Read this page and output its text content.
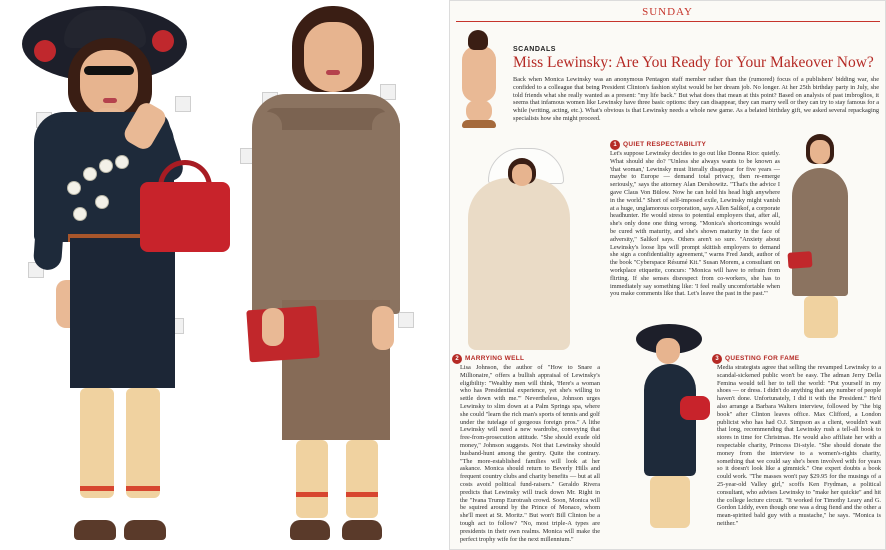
SUNDAY
SCANDALS
Miss Lewinsky: Are You Ready for Your Makeover Now?
Back when Monica Lewinsky was an anonymous Pentagon staff member rather than the (rumored) focus of a publishers' bidding war, she confided to a colleague that being President Clinton's fashion stylist would be her dream job. No longer. At her 25th birthday party in July, she told friends what she really wanted as a present: "my life back." But what does that mean at this point? Based on analysis of past imbroglios, it seems that infamous women like Lewinsky have three basic options: they can disappear, they can marry well or they can try to stay famous for a while (writing, acting, etc.). What's obvious is that Lewinsky needs a whole new game. As a belated birthday gift, we asked several repackaging specialists how she might proceed.
1 QUIET RESPECTABILITY
Let's suppose Lewinsky decides to go out like Donna Rice: quietly. What should she do? "Unless she always wants to be known as 'that woman,' Lewinsky must literally disappear for five years — maybe to Europe — demand total privacy, then re-emerge seriously," says the attorney Alan Dershowitz. "That's the advice I gave Claus Von Bülow. Now he can hold his head high anywhere in the world." Short of self-imposed exile, Lewinsky might vanish at a huge, unglamorous corporation, says Allen Salikof, a corporate headhunter. He would stress to potential employers that, after all, she's only done one thing wrong. "Monica's shortcomings would be cured with maturity, and she's shown maturity in the face of adversity," Salikof says. Others aren't so sure. "Anxiety about Lewinsky's loose lips will prompt skittish employers to demand she sign a confidentiality agreement," warns Fred Jandt, author of the book "Cyberspace Résumé Kit." Susan Morem, a consultant on workplace etiquette, concurs: "Monica will have to refrain from flirting. If she senses disrespect from co-workers, she has to immediately say something like: 'I feel really uncomfortable when you make comments like that. Let's leave the past in the past.'"
2 MARRYING WELL
Lisa Johnson, the author of "How to Snare a Millionaire," offers a bullish appraisal of Lewinsky's eligibility: "Wealthy men will think, 'Here's a woman who has Presidential experience, yet she's willing to settle down with me.'" Nevertheless, Johnson urges Lewinsky to slim down at a Palm Springs spa, where she could "learn the rich man's sports of tennis and golf under the tutelage of gorgeous foreign pros." A lithe Lewinsky will need a new wardrobe, conveying that free-from-prosecution attitude. "She should exude old money," Johnson suggests. Not that Lewinsky should husband-hunt among the gentry. Quite the contrary. "The more-established families will look at her askance. Monica should return to Beverly Hills and frequent country clubs and charity benefits — but at all costs avoid political fund-raisers." Geraldo Rivera predicts that Lewinsky will track down Mr. Right in the "Ivana Trump Eurotrash crowd. Soon, Monica will be squired around by the Prince of Monaco, whom she'll meet at St. Moritz." But won't Bill Clinton be a tough act to follow? "No, most triple-A types are presidents in their own realms. Monica will make the perfect trophy wife for the next millennium."
3 QUESTING FOR FAME
Media strategists agree that selling the revamped Lewinsky to a scandal-sickened public won't be easy. The adman Jerry Della Femina would tell her to tell the world: "Put yourself in my shoes — or dress. I didn't do anything that any number of people haven't done. Unfortunately, I did it with the President." He'd also arrange a Barbara Walters interview, followed by "the big book" after Clinton leaves office. Max Clifford, a London publicist who has had O.J. Simpson as a client, wouldn't wait that long, recommending that Lewinsky rush a tell-all book to stores in time for Christmas. He would also affiliate her with a respectable charity, Princess Di-style. "She should donate the money from the interview to a women's-rights charity, something that we could say she's been involved with for years so it doesn't look like a gimmick." One expert doubts a book could work. "The masses won't pay $29.95 for the musings of a 25-year-old Valley girl," scoffs Ken Frydman, a political consultant, who advises Lewinsky to "make her quickie" and hit the college lecture circuit. "It worked for Timothy Leary and G. Gordon Liddy, even though one was a drug fiend and the other a mean-spirited bald guy with a mustache," he says. "Monica is neither."
